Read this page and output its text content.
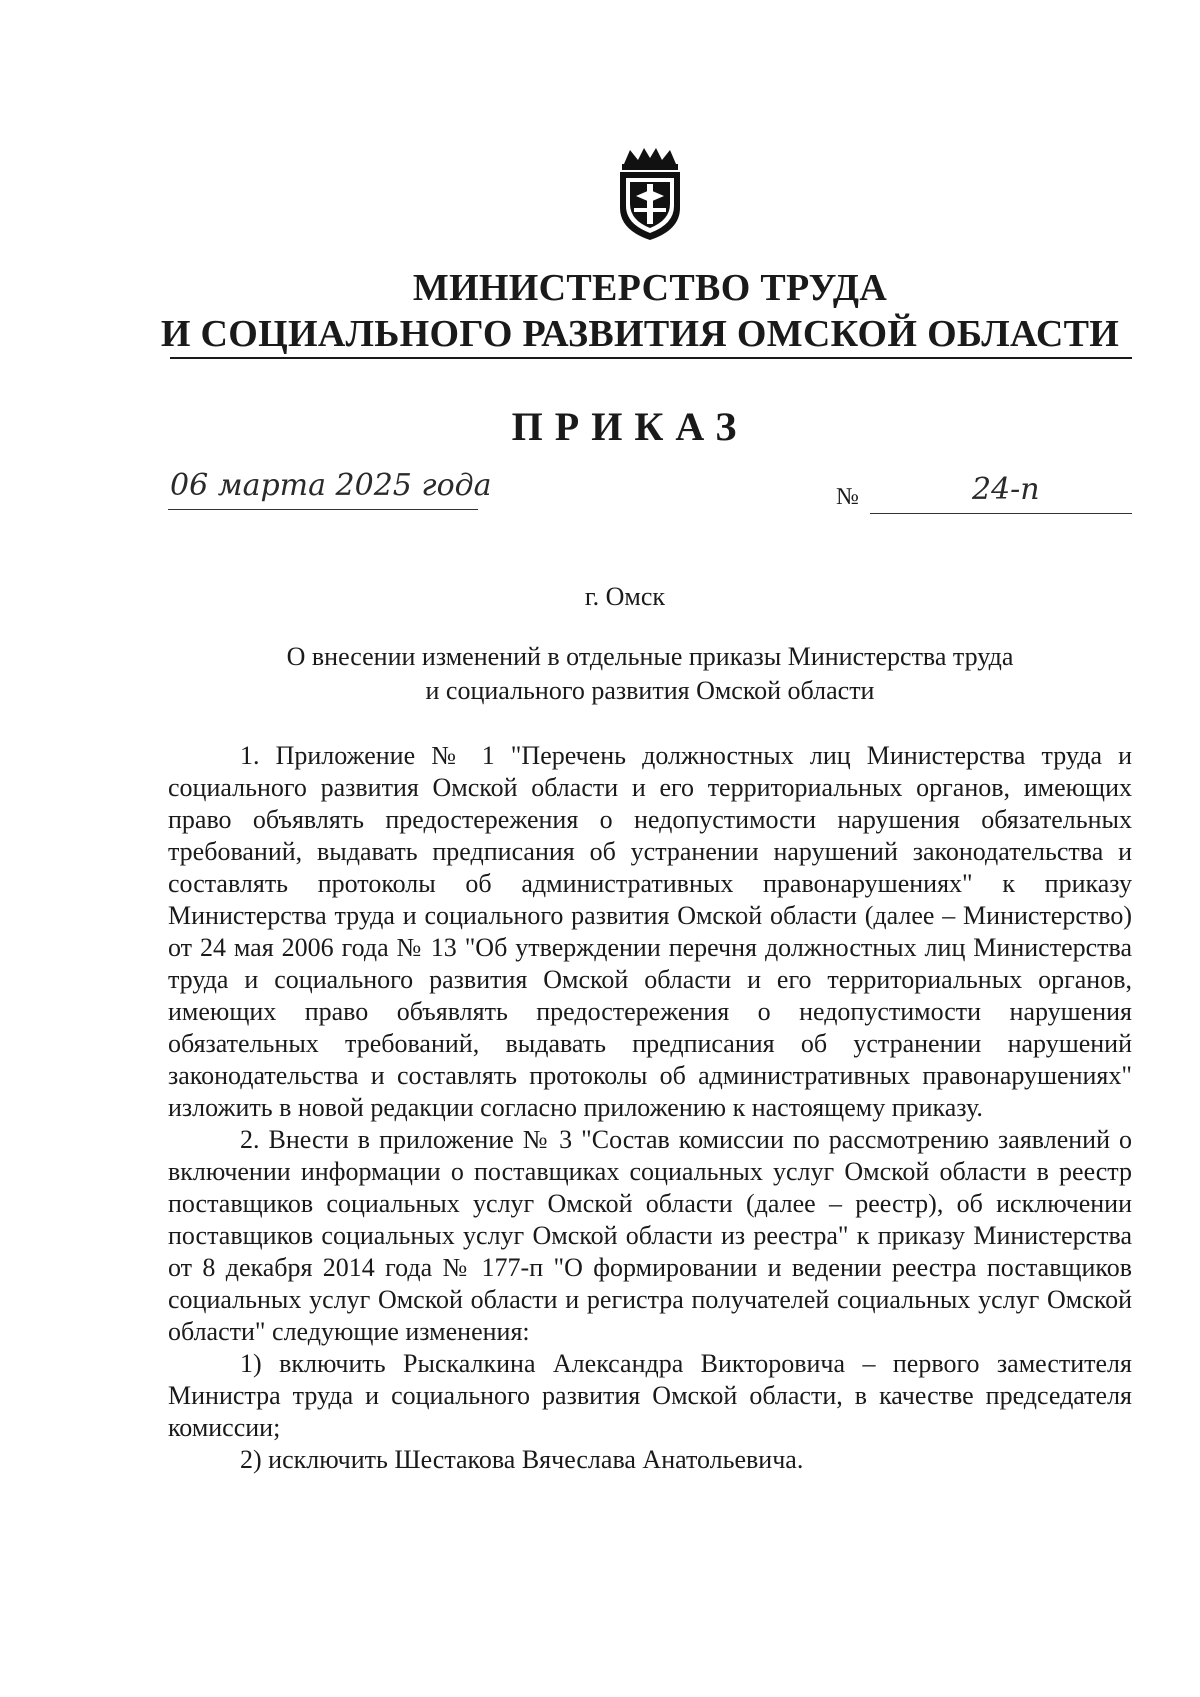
МИНИСТЕРСТВО ТРУДА
И СОЦИАЛЬНОГО РАЗВИТИЯ ОМСКОЙ ОБЛАСТИ
ПРИКАЗ
06 марта 2025 года	№	24-п
г. Омск
О внесении изменений в отдельные приказы Министерства труда
и социального развития Омской области

1. Приложение № 1 "Перечень должностных лиц Министерства труда и социального развития Омской области и его территориальных органов, имеющих право объявлять предостережения о недопустимости нарушения обязательных требований, выдавать предписания об устранении нарушений законодательства и составлять протоколы об административных правонарушениях" к приказу Министерства труда и социального развития Омской области (далее – Министерство) от 24 мая 2006 года № 13 "Об утверждении перечня должностных лиц Министерства труда и социального развития Омской области и его территориальных органов, имеющих право объявлять предостережения о недопустимости нарушения обязательных требований, выдавать предписания об устранении нарушений законодательства и составлять протоколы об административных правонарушениях" изложить в новой редакции согласно приложению к настоящему приказу.

2. Внести в приложение № 3 "Состав комиссии по рассмотрению заявлений о включении информации о поставщиках социальных услуг Омской области в реестр поставщиков социальных услуг Омской области (далее – реестр), об исключении поставщиков социальных услуг Омской области из реестра" к приказу Министерства от 8 декабря 2014 года № 177-п "О формировании и ведении реестра поставщиков социальных услуг Омской области и регистра получателей социальных услуг Омской области" следующие изменения:

1) включить Рыскалкина Александра Викторовича – первого заместителя Министра труда и социального развития Омской области, в качестве председателя комиссии;

2) исключить Шестакова Вячеслава Анатольевича.
